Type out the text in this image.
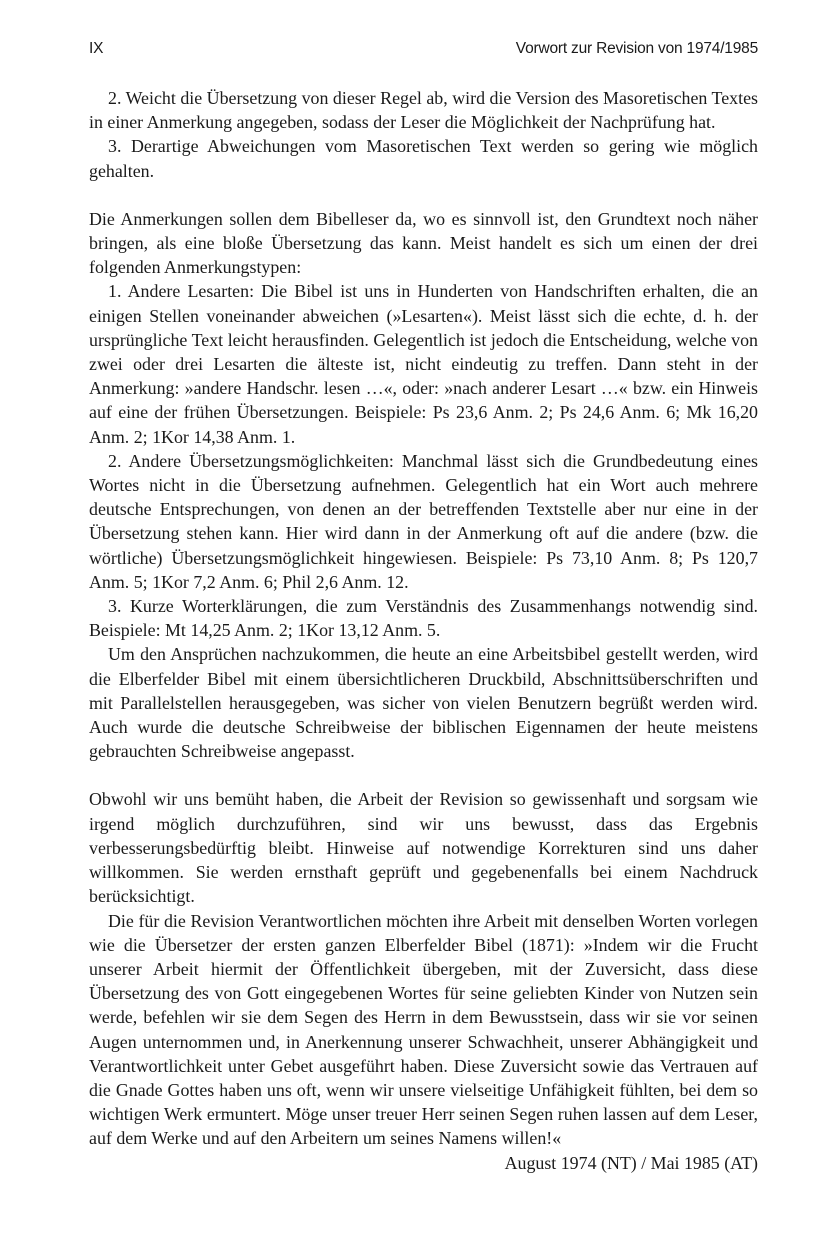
IX	Vorwort zur Revision von 1974/1985

2. Weicht die Übersetzung von dieser Regel ab, wird die Version des Masoretischen Textes in einer Anmerkung angegeben, sodass der Leser die Möglichkeit der Nachprüfung hat.

3. Derartige Abweichungen vom Masoretischen Text werden so gering wie möglich gehalten.

Die Anmerkungen sollen dem Bibelleser da, wo es sinnvoll ist, den Grundtext noch näher bringen, als eine bloße Übersetzung das kann. Meist handelt es sich um einen der drei folgenden Anmerkungstypen:

1. Andere Lesarten: Die Bibel ist uns in Hunderten von Handschriften erhalten, die an einigen Stellen voneinander abweichen (»Lesarten«). Meist lässt sich die echte, d. h. der ursprüngliche Text leicht herausfinden. Gelegentlich ist jedoch die Entscheidung, welche von zwei oder drei Lesarten die älteste ist, nicht eindeutig zu treffen. Dann steht in der Anmerkung: »andere Handschr. lesen …«, oder: »nach anderer Lesart …« bzw. ein Hinweis auf eine der frühen Übersetzungen. Beispiele: Ps 23,6 Anm. 2; Ps 24,6 Anm. 6; Mk 16,20 Anm. 2; 1Kor 14,38 Anm. 1.

2. Andere Übersetzungsmöglichkeiten: Manchmal lässt sich die Grundbedeutung eines Wortes nicht in die Übersetzung aufnehmen. Gelegentlich hat ein Wort auch mehrere deutsche Entsprechungen, von denen an der betreffenden Textstelle aber nur eine in der Übersetzung stehen kann. Hier wird dann in der Anmerkung oft auf die andere (bzw. die wörtliche) Übersetzungsmöglichkeit hingewiesen. Beispiele: Ps 73,10 Anm. 8; Ps 120,7 Anm. 5; 1Kor 7,2 Anm. 6; Phil 2,6 Anm. 12.

3. Kurze Worterklärungen, die zum Verständnis des Zusammenhangs notwendig sind. Beispiele: Mt 14,25 Anm. 2; 1Kor 13,12 Anm. 5.

Um den Ansprüchen nachzukommen, die heute an eine Arbeitsbibel gestellt werden, wird die Elberfelder Bibel mit einem übersichtlicheren Druckbild, Abschnittsüberschriften und mit Parallelstellen herausgegeben, was sicher von vielen Benutzern begrüßt werden wird. Auch wurde die deutsche Schreibweise der biblischen Eigennamen der heute meistens gebrauchten Schreibweise angepasst.

Obwohl wir uns bemüht haben, die Arbeit der Revision so gewissenhaft und sorgsam wie irgend möglich durchzuführen, sind wir uns bewusst, dass das Ergebnis verbesserungsbedürftig bleibt. Hinweise auf notwendige Korrekturen sind uns daher willkommen. Sie werden ernsthaft geprüft und gegebenenfalls bei einem Nachdruck berücksichtigt.

Die für die Revision Verantwortlichen möchten ihre Arbeit mit denselben Worten vorlegen wie die Übersetzer der ersten ganzen Elberfelder Bibel (1871): »Indem wir die Frucht unserer Arbeit hiermit der Öffentlichkeit übergeben, mit der Zuversicht, dass diese Übersetzung des von Gott eingegebenen Wortes für seine geliebten Kinder von Nutzen sein werde, befehlen wir sie dem Segen des Herrn in dem Bewusstsein, dass wir sie vor seinen Augen unternommen und, in Anerkennung unserer Schwachheit, unserer Abhängigkeit und Verantwortlichkeit unter Gebet ausgeführt haben. Diese Zuversicht sowie das Vertrauen auf die Gnade Gottes haben uns oft, wenn wir unsere vielseitige Unfähigkeit fühlten, bei dem so wichtigen Werk ermuntert. Möge unser treuer Herr seinen Segen ruhen lassen auf dem Leser, auf dem Werke und auf den Arbeitern um seines Namens willen!«

August 1974 (NT) / Mai 1985 (AT)
